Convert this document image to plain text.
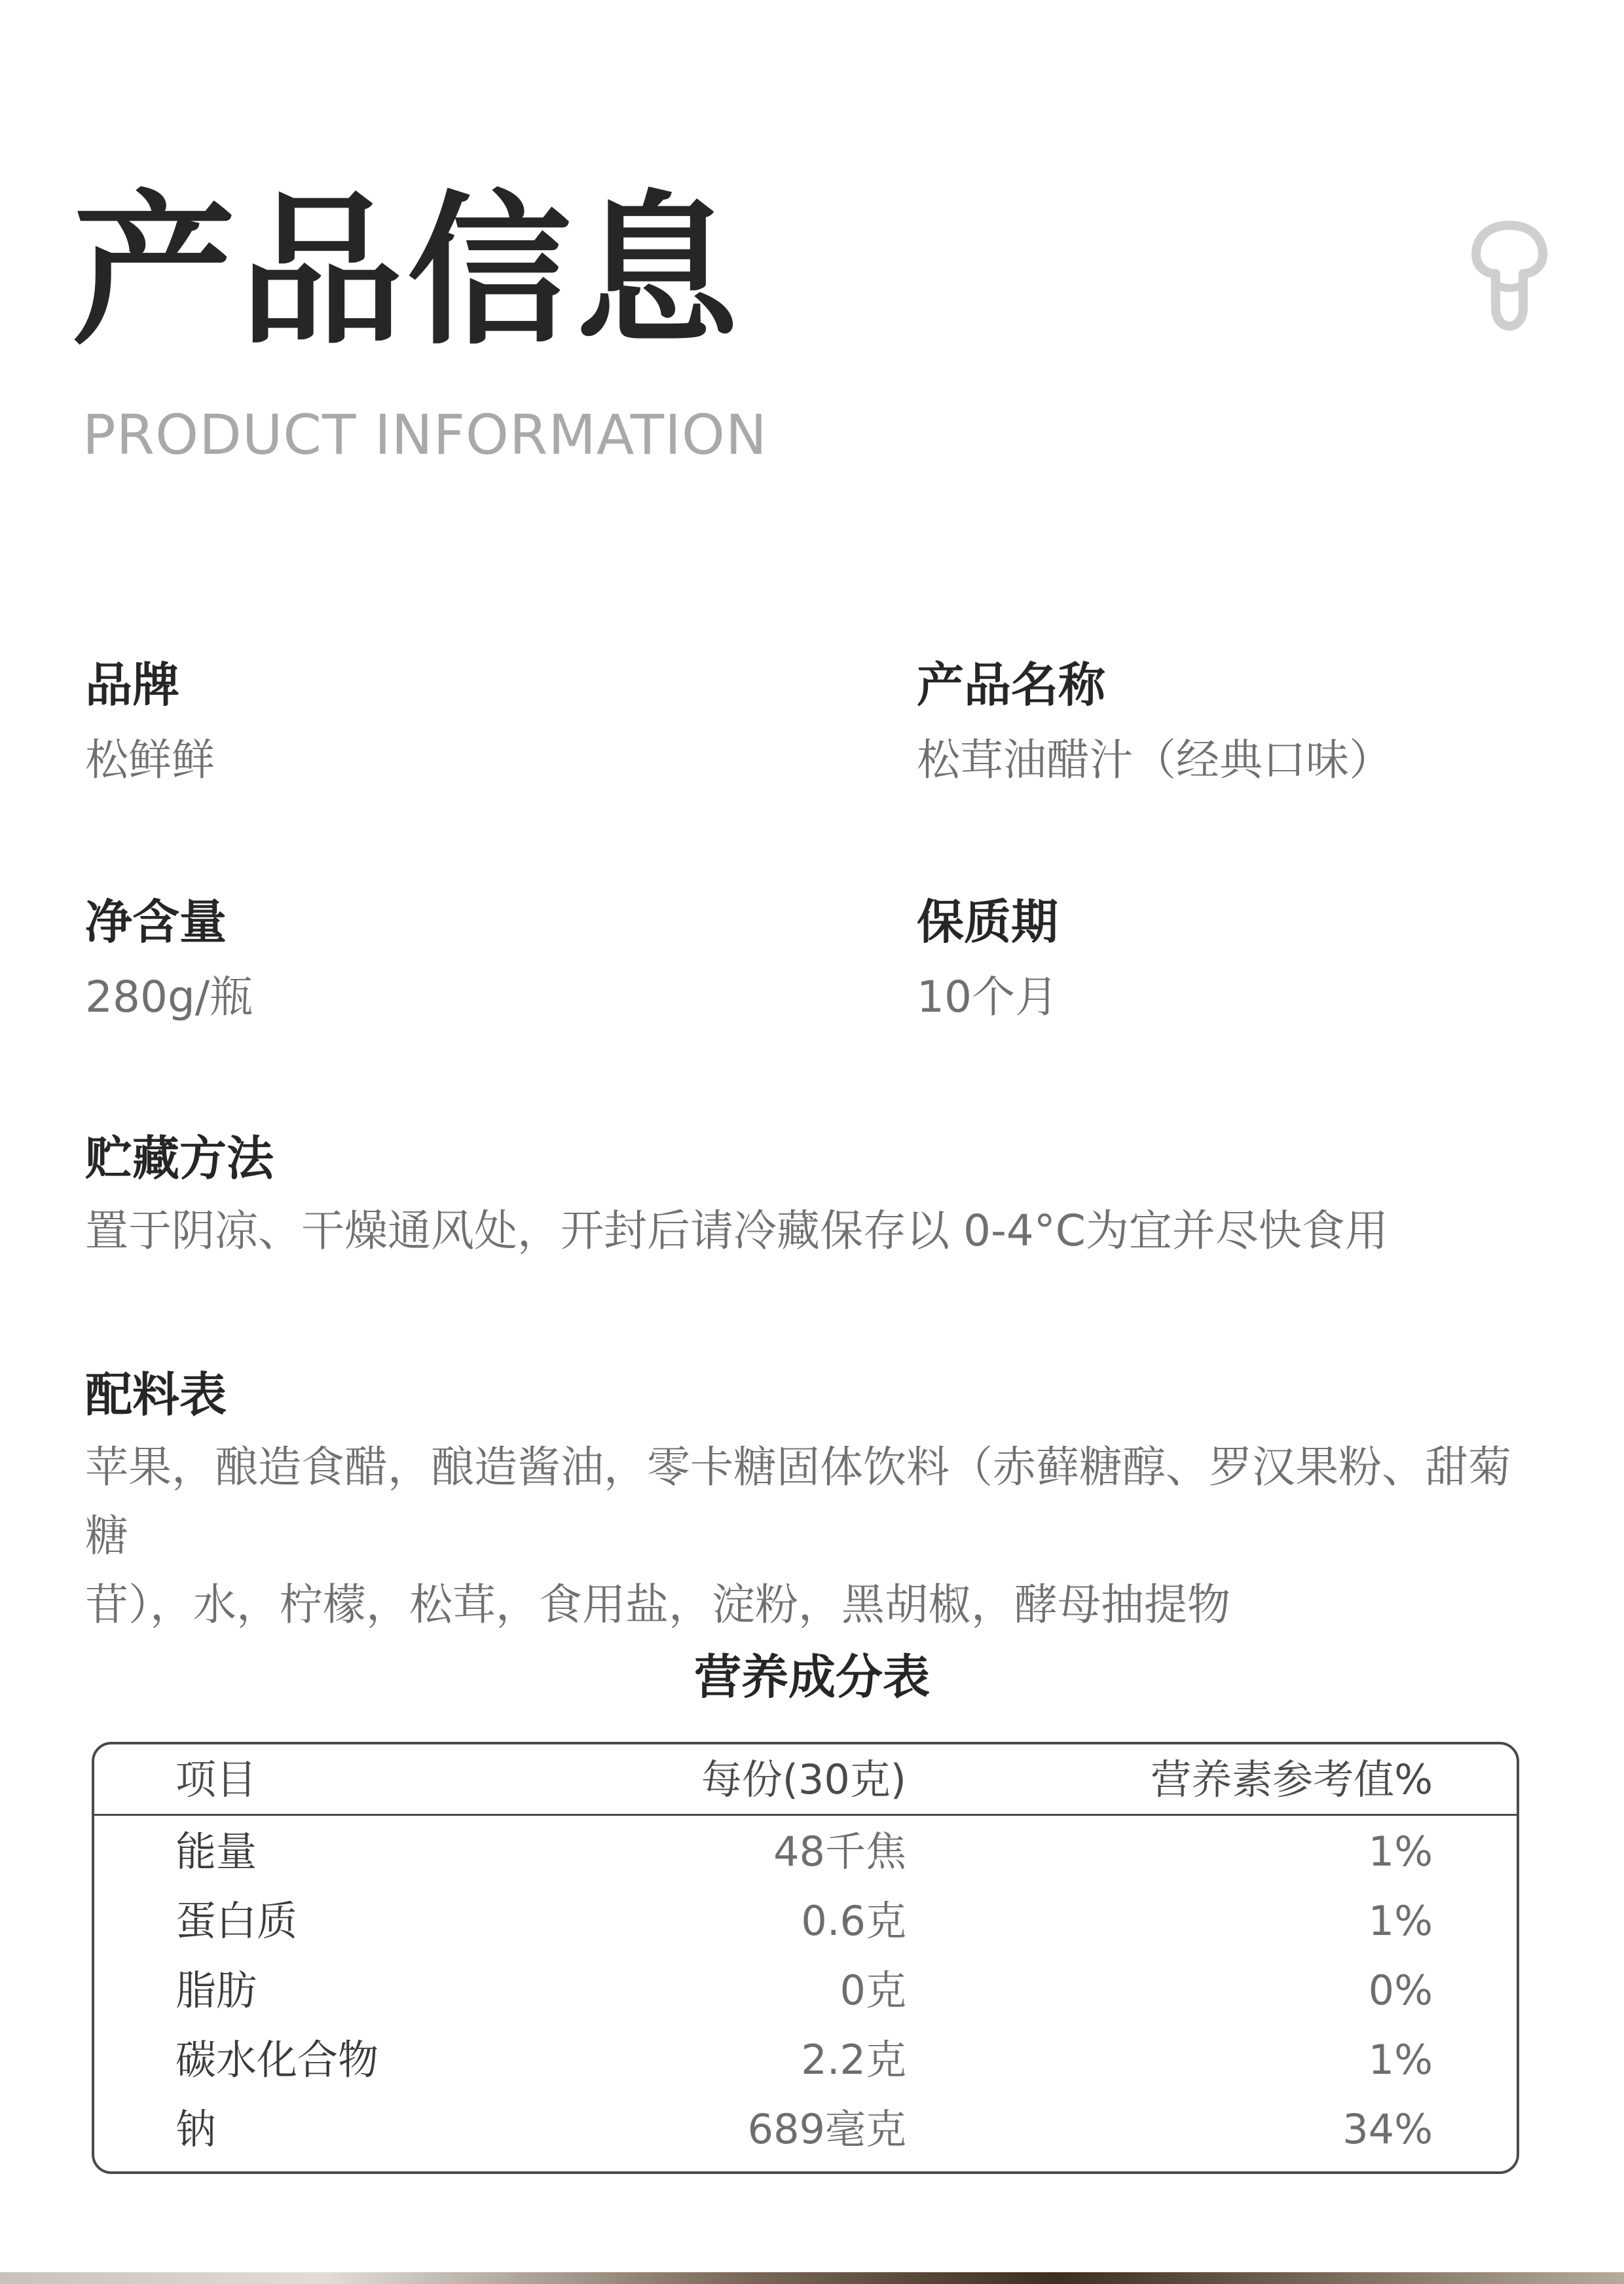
产品信息
PRODUCT INFORMATION
品牌
松鲜鲜
产品名称
松茸油醋汁（经典口味）
净含量
280g/瓶
保质期
10个月
贮藏方法
置于阴凉、干燥通风处，开封后请冷藏保存以 0-4°C为宜并尽快食用
配料表
苹果，酿造食醋，酿造酱油，零卡糖固体饮料（赤藓糖醇、罗汉果粉、甜菊糖
苷），水，柠檬，松茸，食用盐，淀粉，黑胡椒，酵母抽提物
营养成分表
项目	每份(30克)	营养素参考值%
能量	48千焦	1%
蛋白质	0.6克	1%
脂肪	0克	0%
碳水化合物	2.2克	1%
钠	689毫克	34%
